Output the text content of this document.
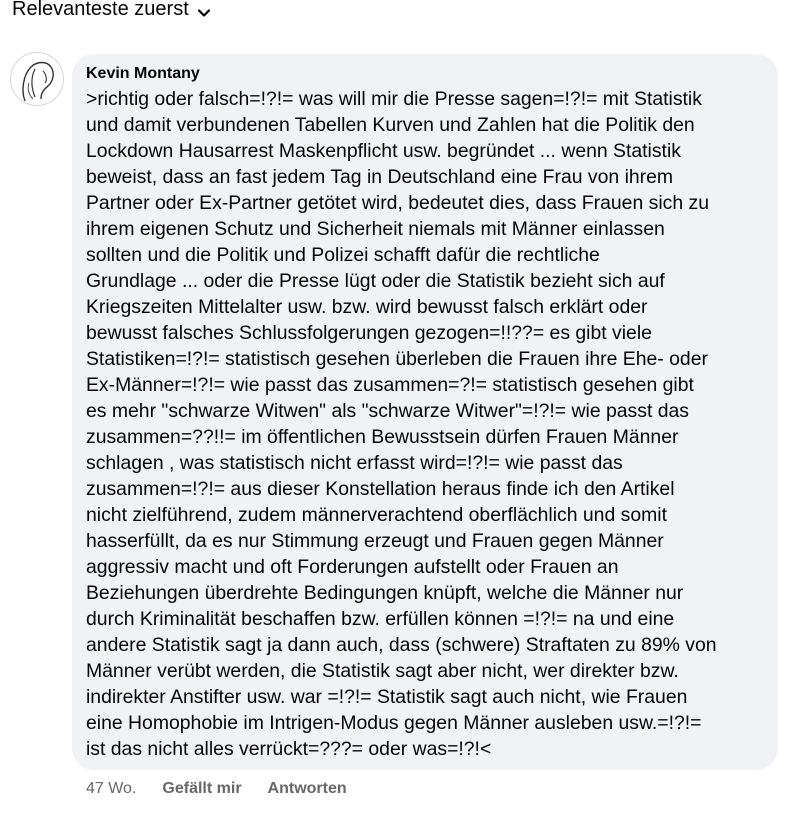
Relevanteste zuerst
Kevin Montany

>richtig oder falsch=!?!= was will mir die Presse sagen=!?!= mit Statistik
und damit verbundenen Tabellen Kurven und Zahlen hat die Politik den
Lockdown Hausarrest Maskenpflicht usw. begründet ... wenn Statistik
beweist, dass an fast jedem Tag in Deutschland eine Frau von ihrem
Partner oder Ex-Partner getötet wird, bedeutet dies, dass Frauen sich zu
ihrem eigenen Schutz und Sicherheit niemals mit Männer einlassen
sollten und die Politik und Polizei schafft dafür die rechtliche
Grundlage ... oder die Presse lügt oder die Statistik bezieht sich auf
Kriegszeiten Mittelalter usw. bzw. wird bewusst falsch erklärt oder
bewusst falsches Schlussfolgerungen gezogen=!!??= es gibt viele
Statistiken=!?!= statistisch gesehen überleben die Frauen ihre Ehe- oder
Ex-Männer=!?!= wie passt das zusammen=?!= statistisch gesehen gibt
es mehr "schwarze Witwen" als "schwarze Witwer"=!?!= wie passt das
zusammen=??!!= im öffentlichen Bewusstsein dürfen Frauen Männer
schlagen , was statistisch nicht erfasst wird=!?!= wie passt das
zusammen=!?!= aus dieser Konstellation heraus finde ich den Artikel
nicht zielführend, zudem männerverachtend oberflächlich und somit
hasserfüllt, da es nur Stimmung erzeugt und Frauen gegen Männer
aggressiv macht und oft Forderungen aufstellt oder Frauen an
Beziehungen überdrehte Bedingungen knüpft, welche die Männer nur
durch Kriminalität beschaffen bzw. erfüllen können =!?!= na und eine
andere Statistik sagt ja dann auch, dass (schwere) Straftaten zu 89% von
Männer verübt werden, die Statistik sagt aber nicht, wer direkter bzw.
indirekter Anstifter usw. war =!?!= Statistik sagt auch nicht, wie Frauen
eine Homophobie im Intrigen-Modus gegen Männer ausleben usw.=!?!=
ist das nicht alles verrückt=???= oder was=!?!<

47 Wo. Gefällt mir Antworten
